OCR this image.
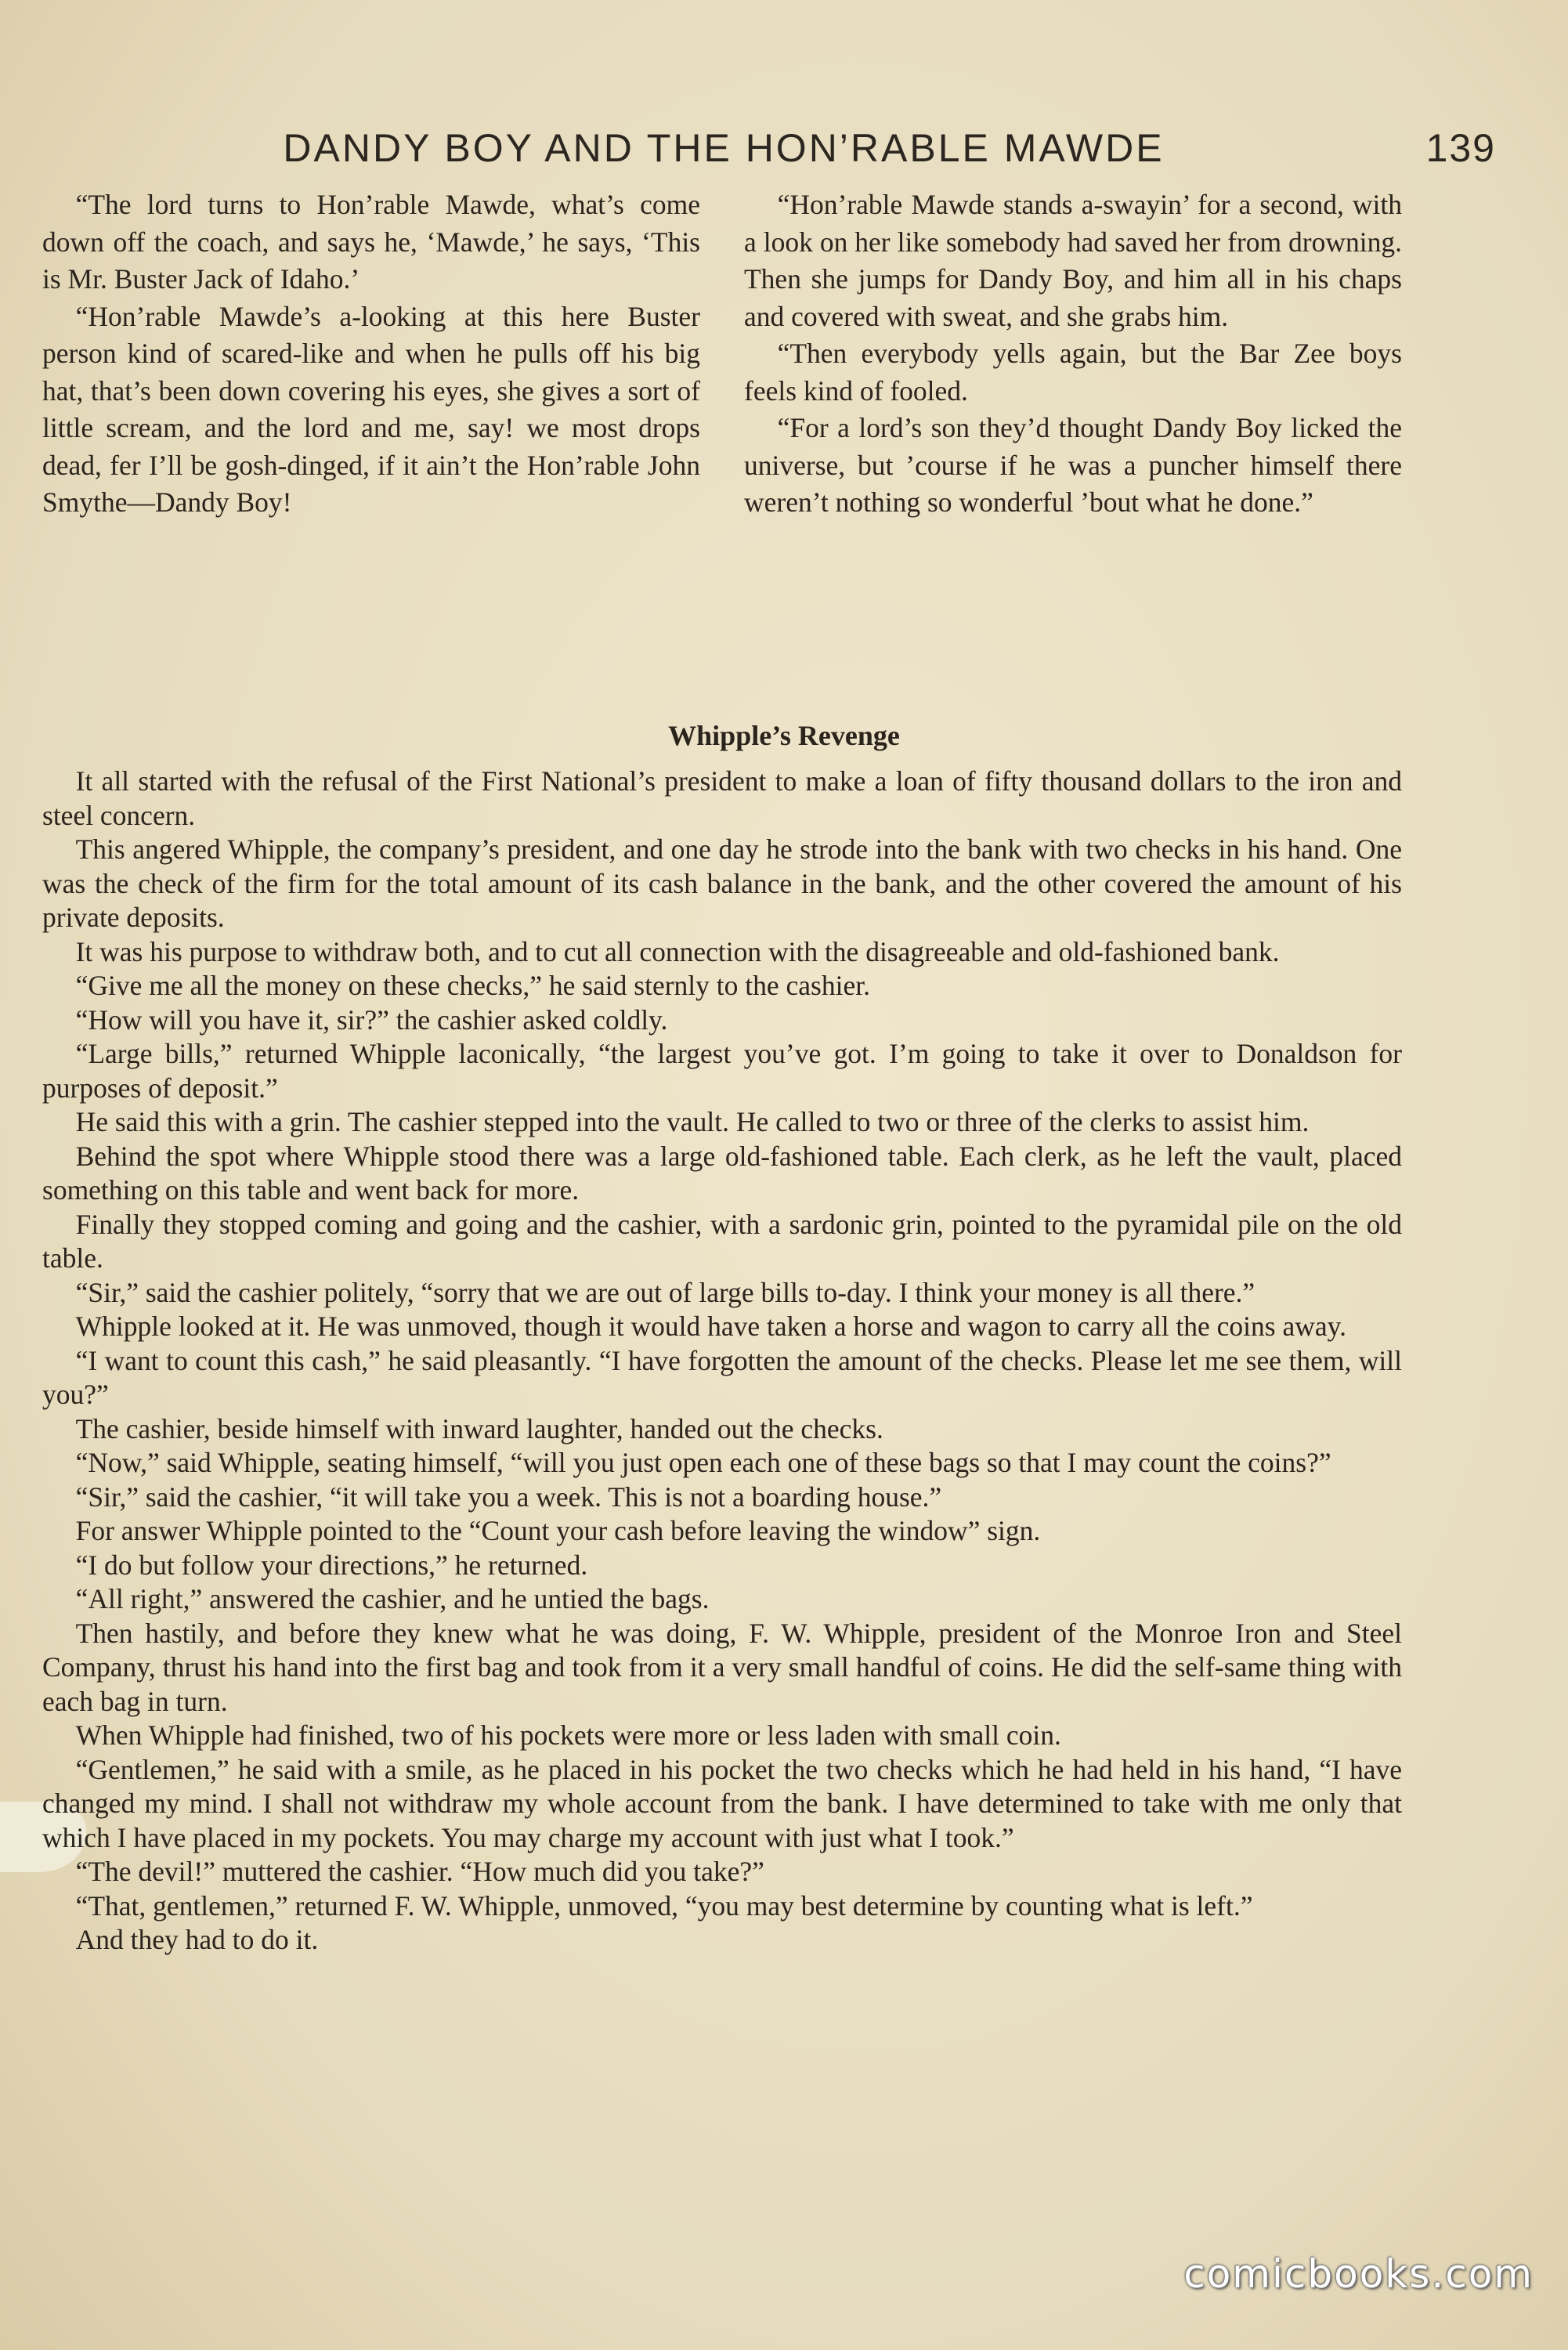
DANDY BOY AND THE HON’RABLE MAWDE	139

“The lord turns to Hon’rable Mawde, what’s come down off the coach, and says he, ‘Mawde,’ he says, ‘This is Mr. Buster Jack of Idaho.’

“Hon’rable Mawde’s a-looking at this here Buster person kind of scared-like and when he pulls off his big hat, that’s been down covering his eyes, she gives a sort of little scream, and the lord and me, say! we most drops dead, fer I’ll be gosh-dinged, if it ain’t the Hon’rable John Smythe—Dandy Boy!

“Hon’rable Mawde stands a-swayin’ for a second, with a look on her like somebody had saved her from drowning. Then she jumps for Dandy Boy, and him all in his chaps and covered with sweat, and she grabs him.

“Then everybody yells again, but the Bar Zee boys feels kind of fooled.

“For a lord’s son they’d thought Dandy Boy licked the universe, but ’course if he was a puncher himself there weren’t nothing so wonderful ’bout what he done.”

Whipple’s Revenge

It all started with the refusal of the First National’s president to make a loan of fifty thousand dollars to the iron and steel concern.

This angered Whipple, the company’s president, and one day he strode into the bank with two checks in his hand. One was the check of the firm for the total amount of its cash balance in the bank, and the other covered the amount of his private deposits.

It was his purpose to withdraw both, and to cut all connection with the disagreeable and old-fashioned bank.

“Give me all the money on these checks,” he said sternly to the cashier.

“How will you have it, sir?” the cashier asked coldly.

“Large bills,” returned Whipple laconically, “the largest you’ve got. I’m going to take it over to Donaldson for purposes of deposit.”

He said this with a grin. The cashier stepped into the vault. He called to two or three of the clerks to assist him.

Behind the spot where Whipple stood there was a large old-fashioned table. Each clerk, as he left the vault, placed something on this table and went back for more.

Finally they stopped coming and going and the cashier, with a sardonic grin, pointed to the pyramidal pile on the old table.

“Sir,” said the cashier politely, “sorry that we are out of large bills to-day. I think your money is all there.”

Whipple looked at it. He was unmoved, though it would have taken a horse and wagon to carry all the coins away.

“I want to count this cash,” he said pleasantly. “I have forgotten the amount of the checks. Please let me see them, will you?”

The cashier, beside himself with inward laughter, handed out the checks.

“Now,” said Whipple, seating himself, “will you just open each one of these bags so that I may count the coins?”

“Sir,” said the cashier, “it will take you a week. This is not a boarding house.”

For answer Whipple pointed to the “Count your cash before leaving the window” sign.

“I do but follow your directions,” he returned.

“All right,” answered the cashier, and he untied the bags.

Then hastily, and before they knew what he was doing, F. W. Whipple, president of the Monroe Iron and Steel Company, thrust his hand into the first bag and took from it a very small handful of coins. He did the self-same thing with each bag in turn.

When Whipple had finished, two of his pockets were more or less laden with small coin.

“Gentlemen,” he said with a smile, as he placed in his pocket the two checks which he had held in his hand, “I have changed my mind. I shall not withdraw my whole account from the bank. I have determined to take with me only that which I have placed in my pockets. You may charge my account with just what I took.”

“The devil!” muttered the cashier. “How much did you take?”

“That, gentlemen,” returned F. W. Whipple, unmoved, “you may best determine by counting what is left.”

And they had to do it.

comicbooks.com
